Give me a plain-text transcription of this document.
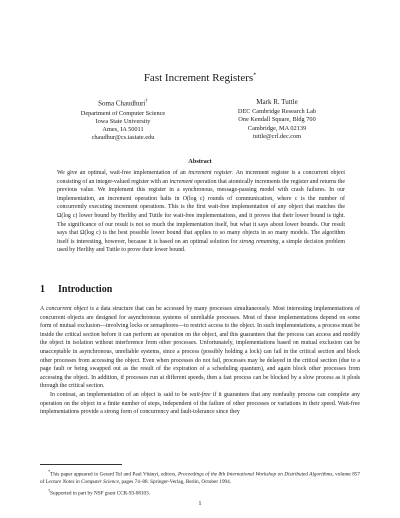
Fast Increment Registers*
Soma Chaudhuri†
Department of Computer Science
Iowa State University
Ames, IA 50011
chaudhur@cs.iastate.edu
Mark R. Tuttle
DEC Cambridge Research Lab
One Kendall Square, Bldg 700
Cambridge, MA 02139
tuttle@crl.dec.com
Abstract

We give an optimal, wait-free implementation of an increment register. An increment register is a concurrent object consisting of an integer-valued register with an increment operation that atomically increments the register and returns the previous value. We implement this register in a synchronous, message-passing model with crash failures. In our implementation, an increment operation halts in O(log c) rounds of communication, where c is the number of concurrently executing increment operations. This is the first wait-free implementation of any object that matches the Ω(log c) lower bound by Herlihy and Tuttle for wait-free implementations, and it proves that their lower bound is tight. The significance of our result is not so much the implementation itself, but what it says about lower bounds. Our result says that Ω(log c) is the best possible lower bound that applies to so many objects in so many models. The algorithm itself is interesting, however, because it is based on an optimal solution for strong renaming, a simple decision problem used by Herlihy and Tuttle to prove their lower bound.

1 Introduction

A concurrent object is a data structure that can be accessed by many processes simultaneously. Most interesting implementations of concurrent objects are designed for asynchronous systems of unreliable processes. Most of these implementations depend on some form of mutual exclusion—involving locks or semaphores—to restrict access to the object. In such implementations, a process must be inside the critical section before it can perform an operation on the object, and this guarantees that the process can access and modify the object in isolation without interference from other processes. Unfortunately, implementations based on mutual exclusion can be unacceptable in asynchronous, unreliable systems, since a process (possibly holding a lock) can fail in the critical section and block other processes from accessing the object. Even when processes do not fail, processes may be delayed in the critical section (due to a page fault or being swapped out as the result of the expiration of a scheduling quantum), and again block other processes from accessing the object. In addition, if processes run at different speeds, then a fast process can be blocked by a slow process as it plods through the critical section.

In contrast, an implementation of an object is said to be wait-free if it guarantees that any nonfaulty process can complete any operation on the object in a finite number of steps, independent of the failure of other processes or variations in their speed. Wait-free implementations provide a strong form of concurrency and fault-tolerance since they

*This paper appeared in Gerard Tel and Paul Vitányi, editors, Proceedings of the 8th International Workshop on Distributed Algorithms, volume 857 of Lecture Notes in Computer Science, pages 74–88. Springer-Verlag, Berlin, October 1994.

†Supported in part by NSF grant CCR-93-08103.

1
